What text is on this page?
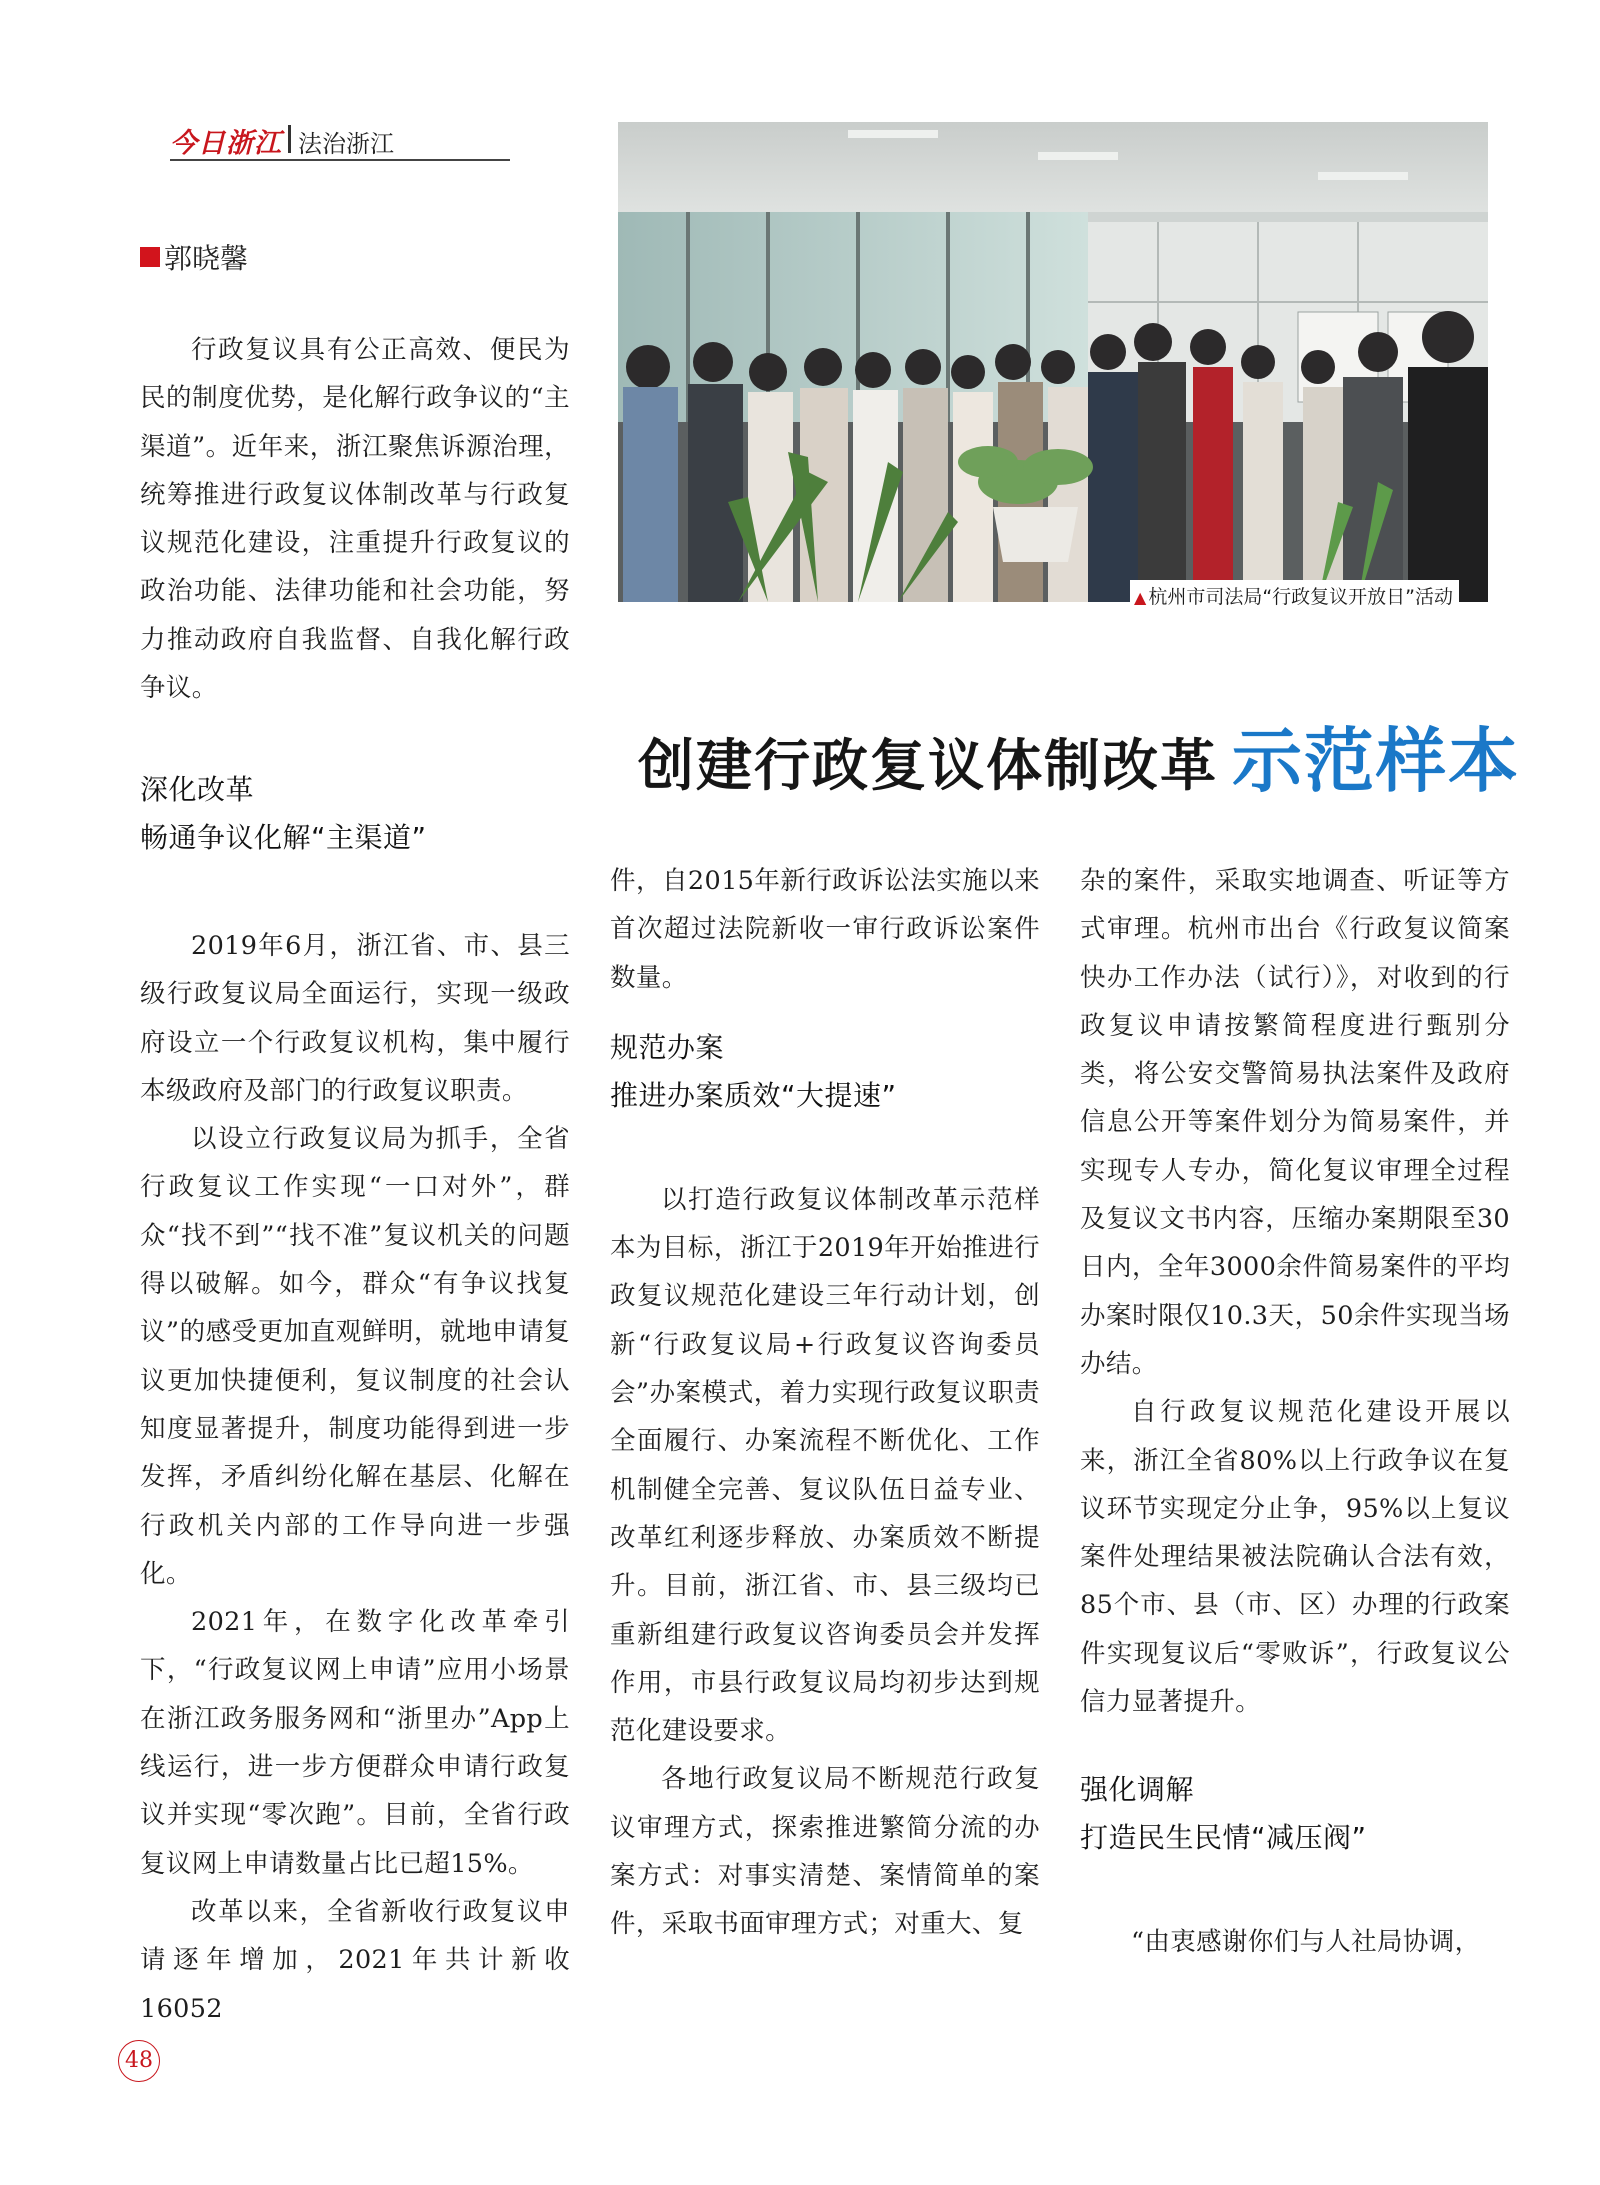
今日浙江 法治浙江
郭晓馨
▲ 杭州市司法局“行政复议开放日”活动
创建行政复议体制改革 示范样本

行政复议具有公正高效、便民为民的制度优势，是化解行政争议的“主渠道”。近年来，浙江聚焦诉源治理，统筹推进行政复议体制改革与行政复议规范化建设，注重提升行政复议的政治功能、法律功能和社会功能，努力推动政府自我监督、自我化解行政争议。

深化改革
畅通争议化解“主渠道”

2019年6月，浙江省、市、县三级行政复议局全面运行，实现一级政府设立一个行政复议机构，集中履行本级政府及部门的行政复议职责。

以设立行政复议局为抓手，全省行政复议工作实现“一口对外”，群众“找不到”“找不准”复议机关的问题得以破解。如今，群众“有争议找复议”的感受更加直观鲜明，就地申请复议更加快捷便利，复议制度的社会认知度显著提升，制度功能得到进一步发挥，矛盾纠纷化解在基层、化解在行政机关内部的工作导向进一步强化。

2021年，在数字化改革牵引下，“行政复议网上申请”应用小场景在浙江政务服务网和“浙里办”App上线运行，进一步方便群众申请行政复议并实现“零次跑”。目前，全省行政复议网上申请数量占比已超15%。

改革以来，全省新收行政复议申请逐年增加，2021年共计新收16052

件，自2015年新行政诉讼法实施以来首次超过法院新收一审行政诉讼案件数量。

规范办案
推进办案质效“大提速”

以打造行政复议体制改革示范样本为目标，浙江于2019年开始推进行政复议规范化建设三年行动计划，创新“行政复议局+行政复议咨询委员会”办案模式，着力实现行政复议职责全面履行、办案流程不断优化、工作机制健全完善、复议队伍日益专业、改革红利逐步释放、办案质效不断提升。目前，浙江省、市、县三级均已重新组建行政复议咨询委员会并发挥作用，市县行政复议局均初步达到规范化建设要求。

各地行政复议局不断规范行政复议审理方式，探索推进繁简分流的办案方式：对事实清楚、案情简单的案件，采取书面审理方式；对重大、复

杂的案件，采取实地调查、听证等方式审理。杭州市出台《行政复议简案快办工作办法（试行）》，对收到的行政复议申请按繁简程度进行甄别分类，将公安交警简易执法案件及政府信息公开等案件划分为简易案件，并实现专人专办，简化复议审理全过程及复议文书内容，压缩办案期限至30日内，全年3000余件简易案件的平均办案时限仅10.3天，50余件实现当场办结。

自行政复议规范化建设开展以来，浙江全省80%以上行政争议在复议环节实现定分止争，95%以上复议案件处理结果被法院确认合法有效，85个市、县（市、区）办理的行政案件实现复议后“零败诉”，行政复议公信力显著提升。

强化调解
打造民生民情“减压阀”

“由衷感谢你们与人社局协调，

48
